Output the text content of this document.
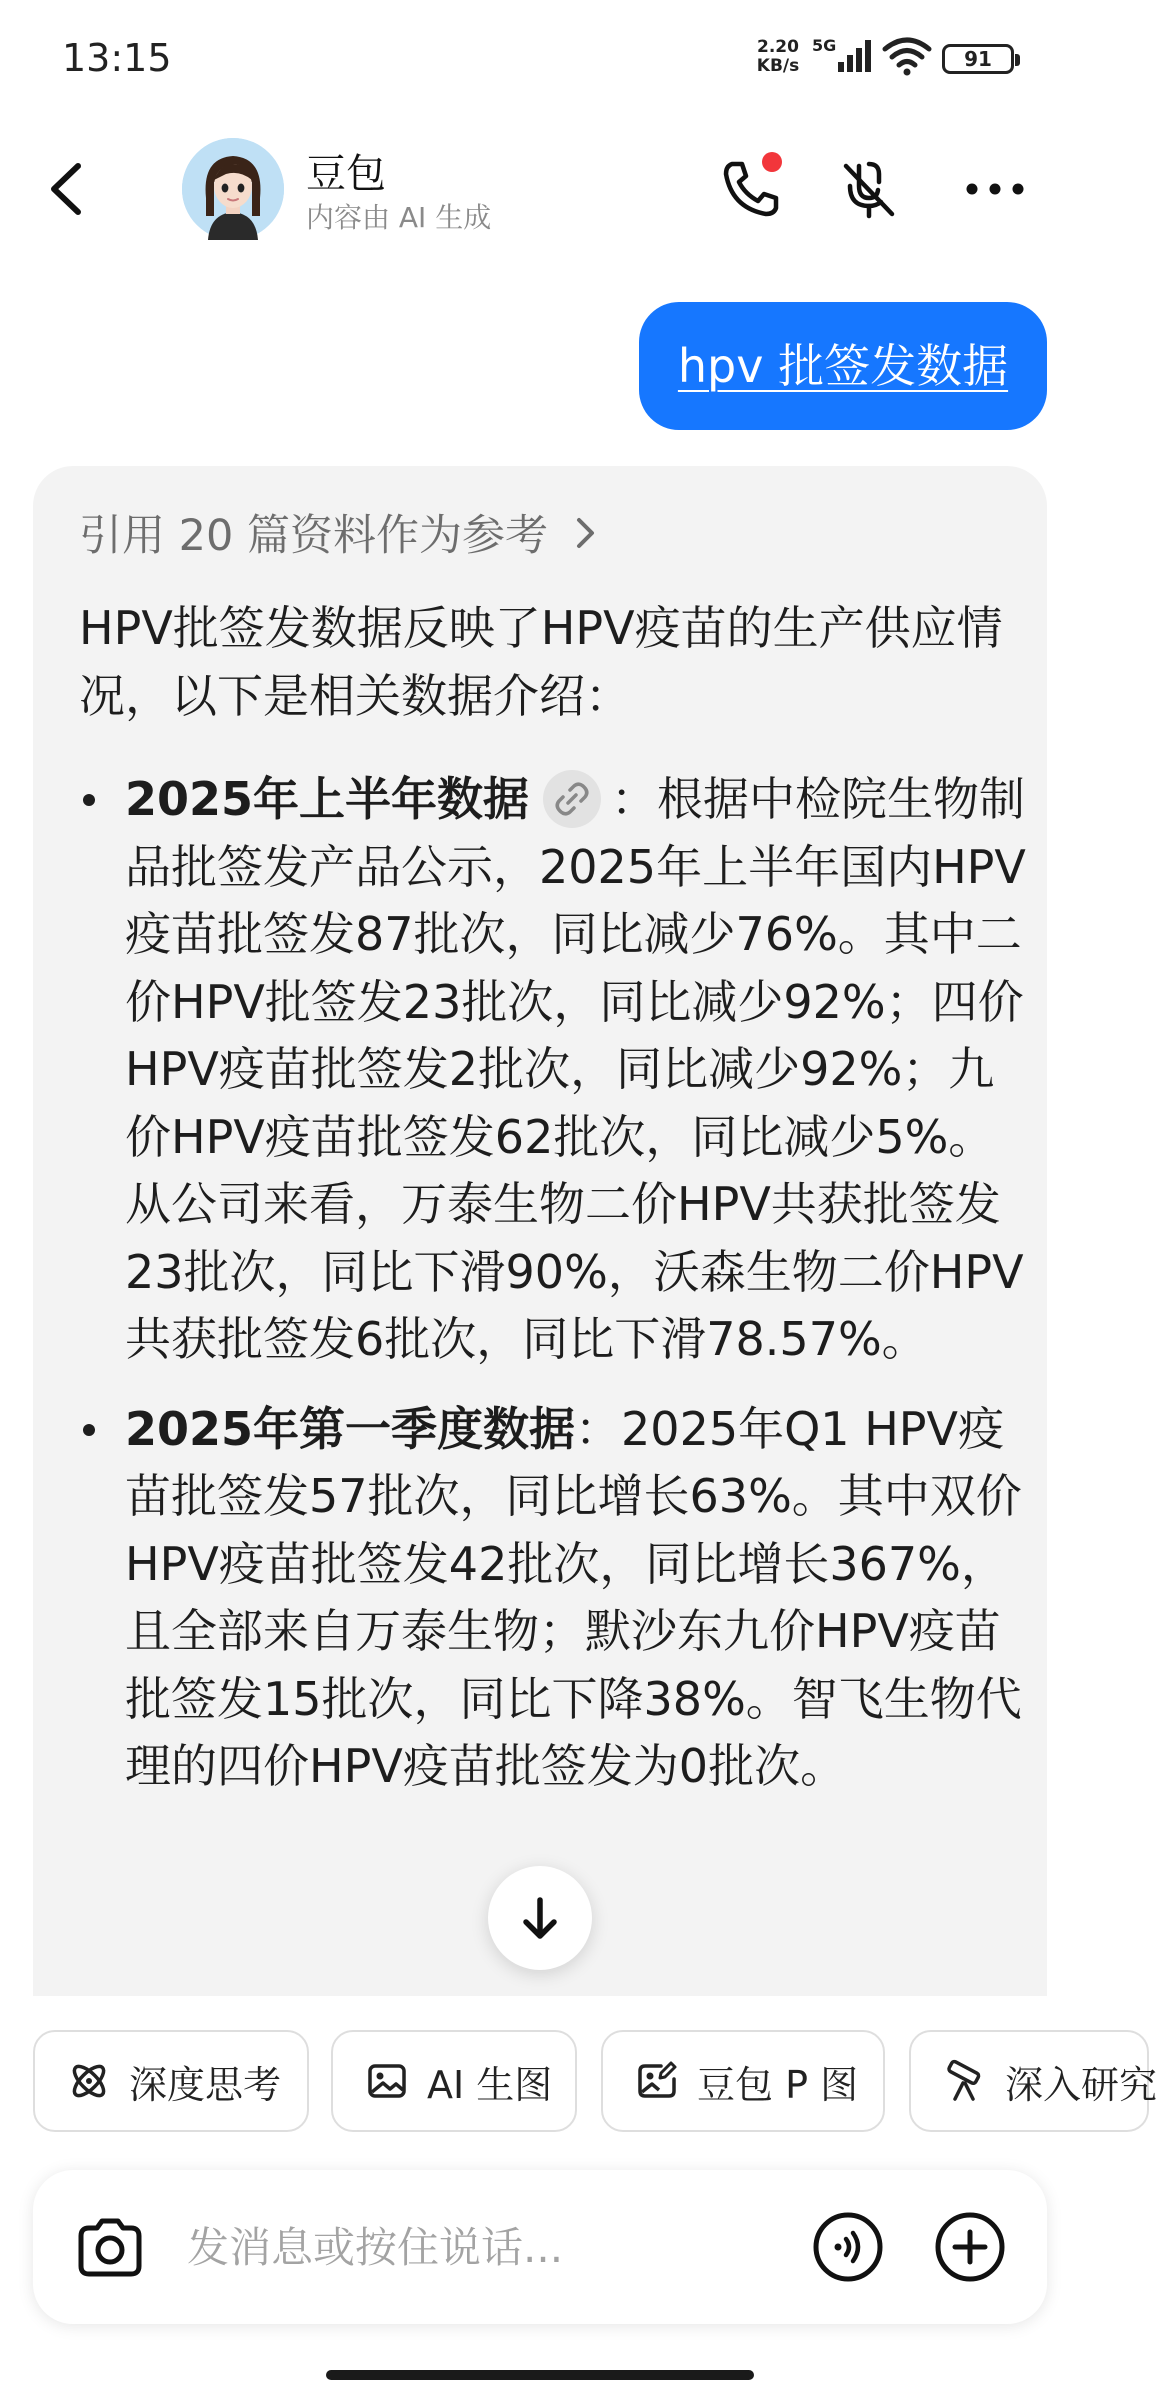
13:15	2.20
KB/s
5G
91
豆包
内容由 AI 生成
hpv 批签发数据
引用 20 篇资料作为参考
HPV批签发数据反映了HPV疫苗的生产供应情况，以下是相关数据介绍：
2025年上半年数据 ：根据中检院生物制品批签发产品公示，2025年上半年国内HPV疫苗批签发87批次，同比减少76%。其中二价HPV批签发23批次，同比减少92%；四价HPV疫苗批签发2批次，同比减少92%；九价HPV疫苗批签发62批次，同比减少5%。从公司来看，万泰生物二价HPV共获批签发23批次，同比下滑90%，沃森生物二价HPV共获批签发6批次，同比下滑78.57%。
2025年第一季度数据：2025年Q1 HPV疫苗批签发57批次，同比增长63%。其中双价HPV疫苗批签发42批次，同比增长367%，且全部来自万泰生物；默沙东九价HPV疫苗批签发15批次，同比下降38%。智飞生物代理的四价HPV疫苗批签发为0批次。
深度思考	AI 生图	豆包 P 图	深入研究
发消息或按住说话...
